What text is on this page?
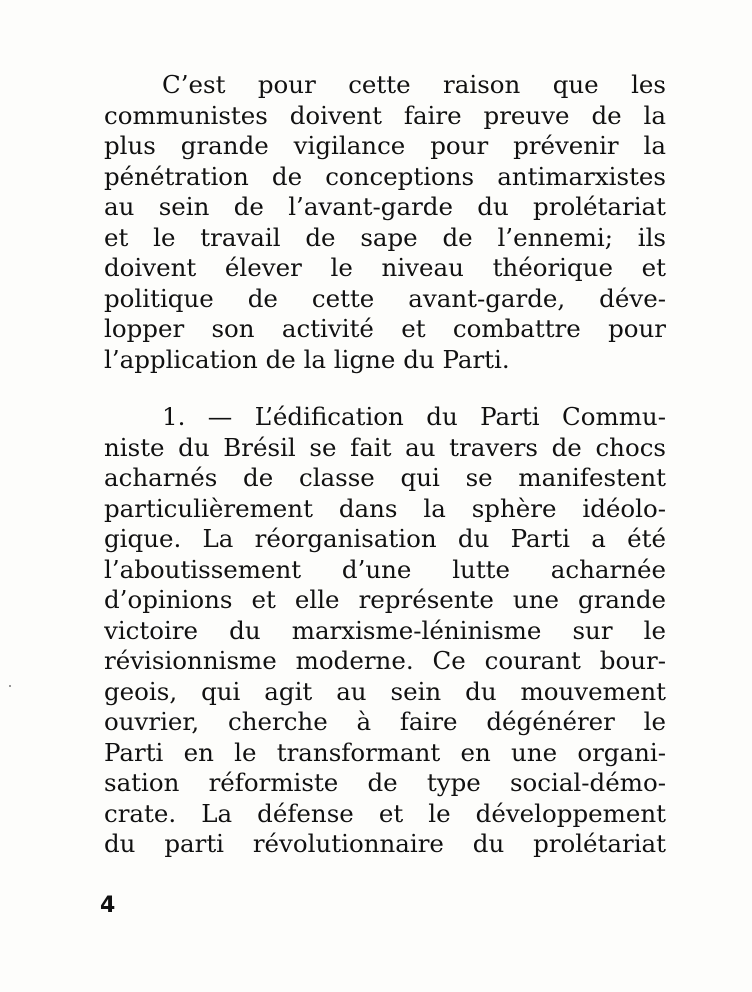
C’est pour cette raison que les
communistes doivent faire preuve de la
plus grande vigilance pour prévenir la
pénétration de conceptions antimarxistes
au sein de l’avant-garde du prolétariat
et le travail de sape de l’ennemi; ils
doivent élever le niveau théorique et
politique de cette avant-garde, déve-
lopper son activité et combattre pour
l’application de la ligne du Parti.
1. — L’édification du Parti Commu-
niste du Brésil se fait au travers de chocs
acharnés de classe qui se manifestent
particulièrement dans la sphère idéolo-
gique. La réorganisation du Parti a été
l’aboutissement d’une lutte acharnée
d’opinions et elle représente une grande
victoire du marxisme-léninisme sur le
révisionnisme moderne. Ce courant bour-
geois, qui agit au sein du mouvement
ouvrier, cherche à faire dégénérer le
Parti en le transformant en une organi-
sation réformiste de type social-démo-
crate. La défense et le développement
du parti révolutionnaire du prolétariat
4
